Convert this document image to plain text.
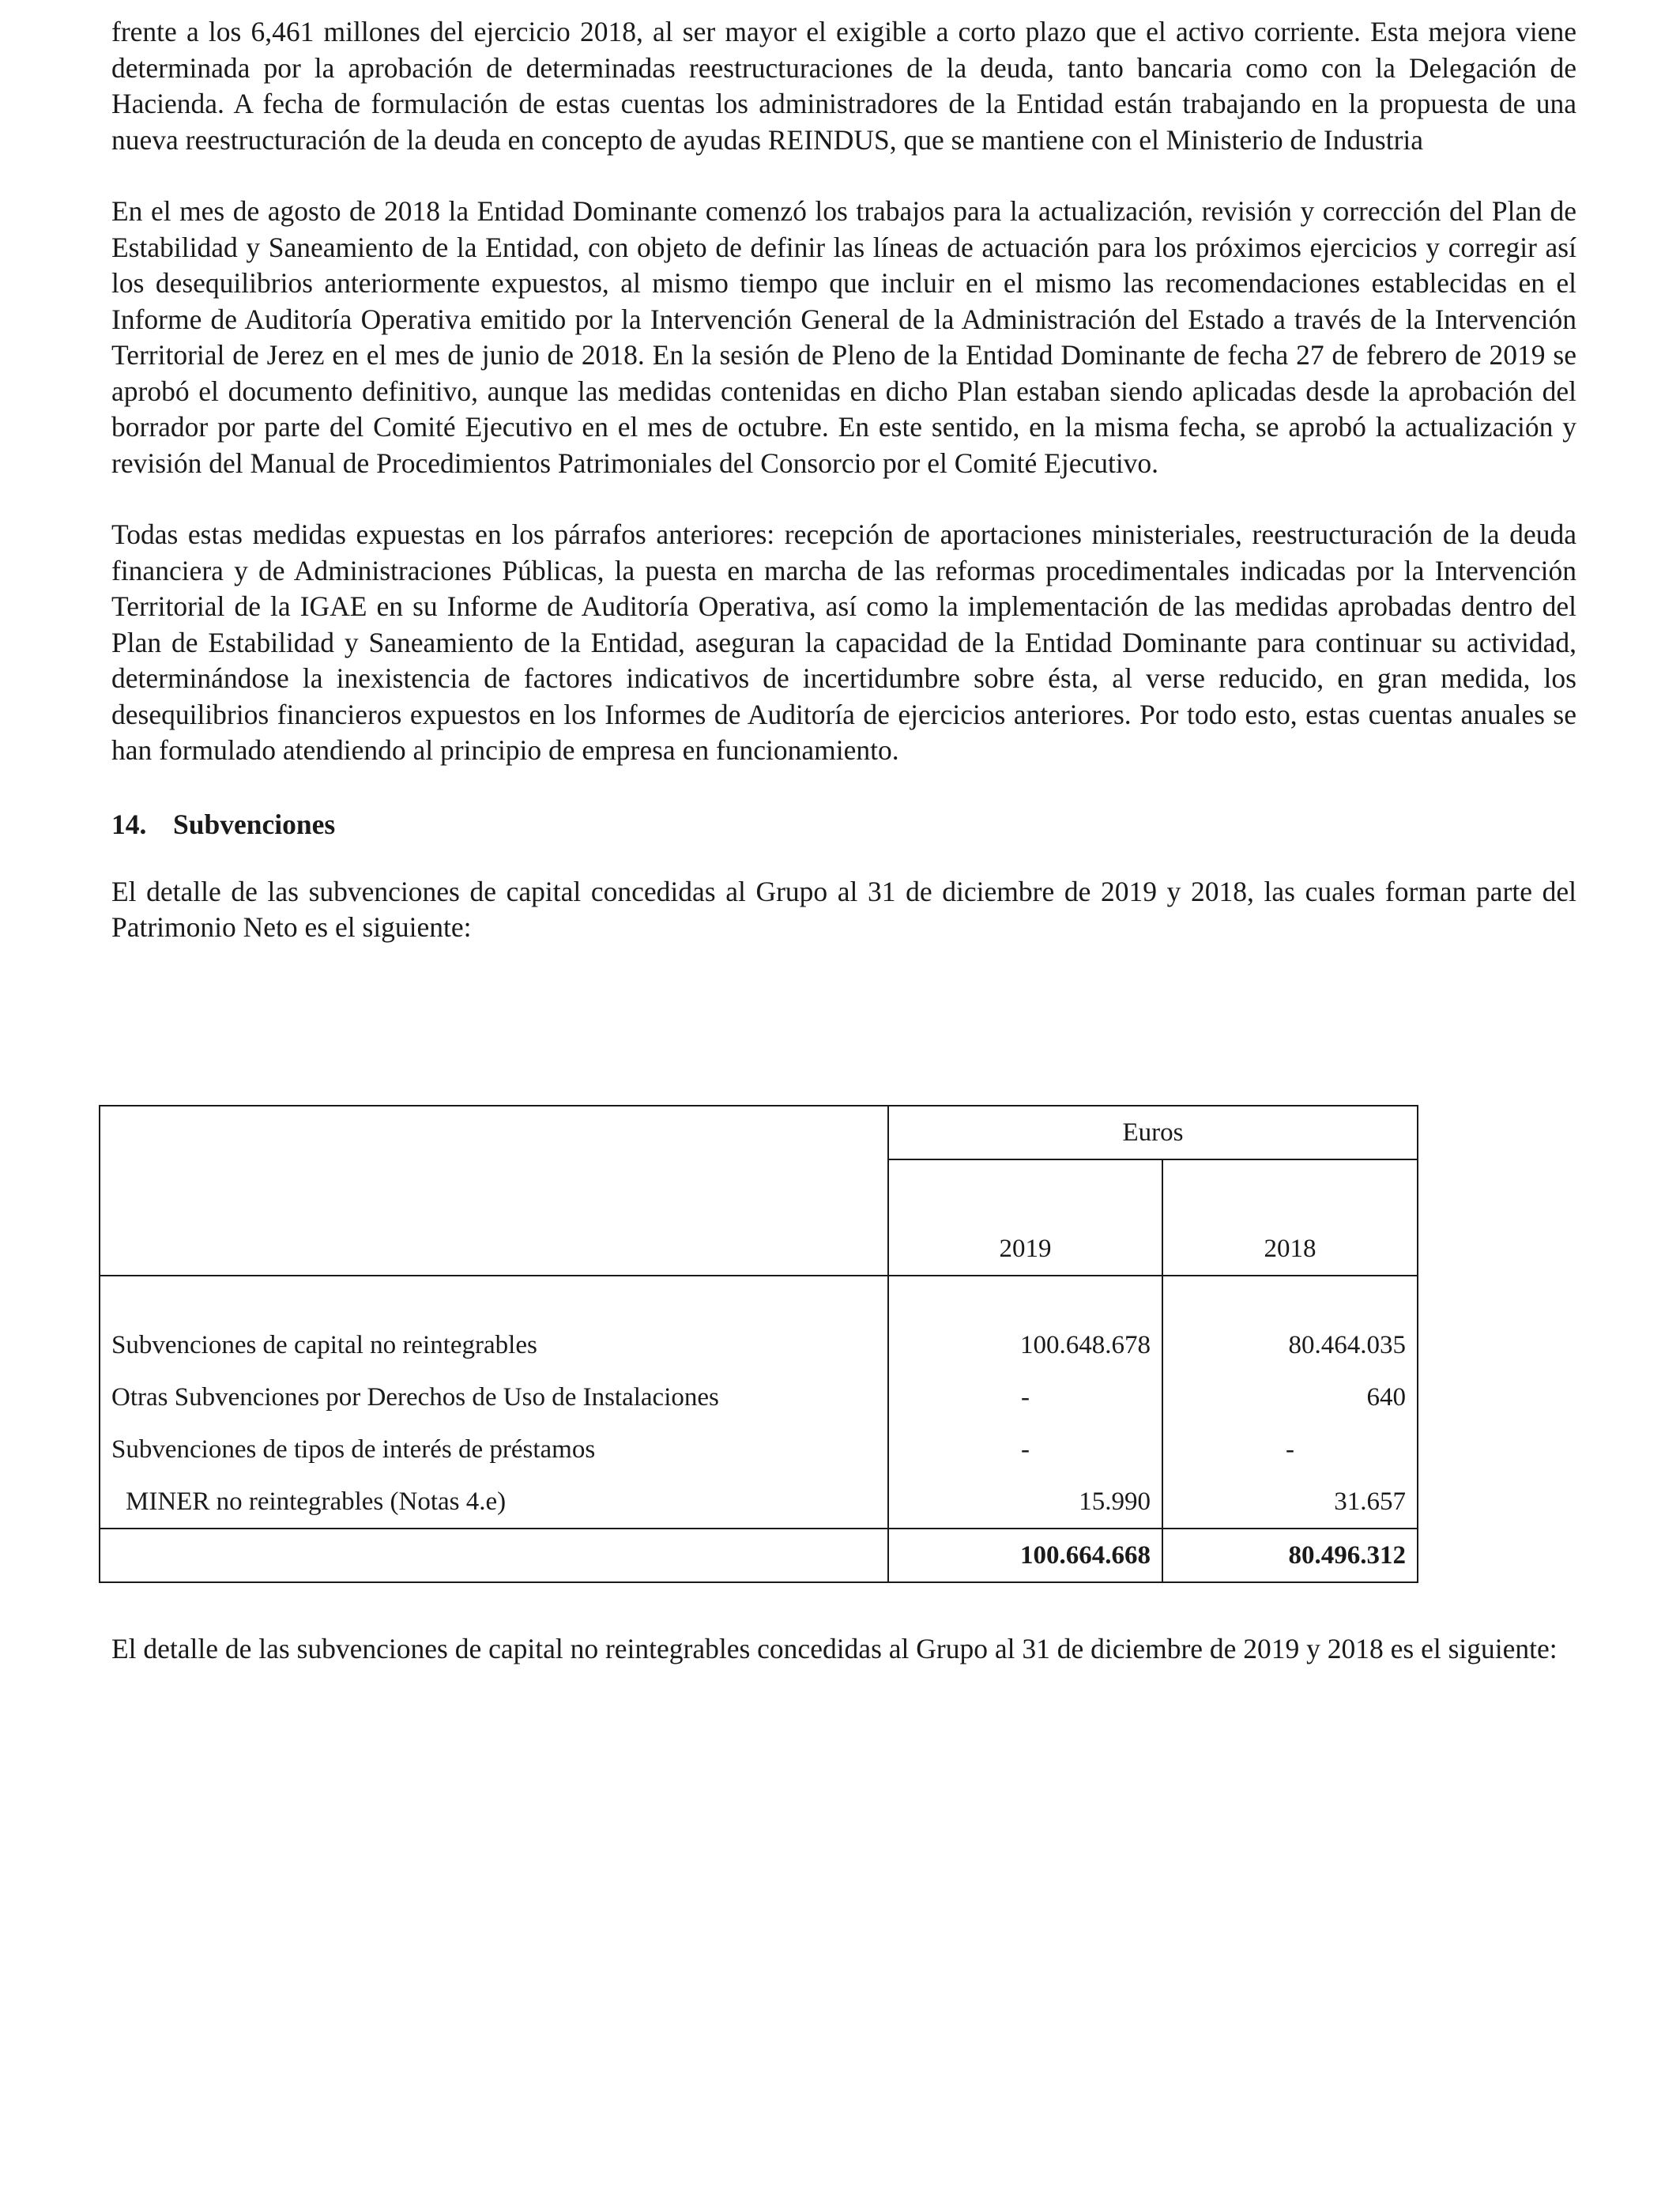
frente a los 6,461 millones del ejercicio 2018, al ser mayor el exigible a corto plazo que el activo corriente. Esta mejora viene determinada por la aprobación de determinadas reestructuraciones de la deuda, tanto bancaria como con la Delegación de Hacienda. A fecha de formulación de estas cuentas los administradores de la Entidad están trabajando en la propuesta de una nueva reestructuración de la deuda en concepto de ayudas REINDUS, que se mantiene con el Ministerio de Industria

En el mes de agosto de 2018 la Entidad Dominante comenzó los trabajos para la actualización, revisión y corrección del Plan de Estabilidad y Saneamiento de la Entidad, con objeto de definir las líneas de actuación para los próximos ejercicios y corregir así los desequilibrios anteriormente expuestos, al mismo tiempo que incluir en el mismo las recomendaciones establecidas en el Informe de Auditoría Operativa emitido por la Intervención General de la Administración del Estado a través de la Intervención Territorial de Jerez en el mes de junio de 2018. En la sesión de Pleno de la Entidad Dominante de fecha 27 de febrero de 2019 se aprobó el documento definitivo, aunque las medidas contenidas en dicho Plan estaban siendo aplicadas desde la aprobación del borrador por parte del Comité Ejecutivo en el mes de octubre. En este sentido, en la misma fecha, se aprobó la actualización y revisión del Manual de Procedimientos Patrimoniales del Consorcio por el Comité Ejecutivo.

Todas estas medidas expuestas en los párrafos anteriores: recepción de aportaciones ministeriales, reestructuración de la deuda financiera y de Administraciones Públicas, la puesta en marcha de las reformas procedimentales indicadas por la Intervención Territorial de la IGAE en su Informe de Auditoría Operativa, así como la implementación de las medidas aprobadas dentro del Plan de Estabilidad y Saneamiento de la Entidad, aseguran la capacidad de la Entidad Dominante para continuar su actividad, determinándose la inexistencia de factores indicativos de incertidumbre sobre ésta, al verse reducido, en gran medida, los desequilibrios financieros expuestos en los Informes de Auditoría de ejercicios anteriores. Por todo esto, estas cuentas anuales se han formulado atendiendo al principio de empresa en funcionamiento.

14. Subvenciones

El detalle de las subvenciones de capital concedidas al Grupo al 31 de diciembre de 2019 y 2018, las cuales forman parte del Patrimonio Neto es el siguiente:

	Euros	
	2019	2018

Subvenciones de capital no reintegrables	100.648.678	80.464.035
Otras Subvenciones por Derechos de Uso de Instalaciones	-	640
Subvenciones de tipos de interés de préstamos	-	-
MINER no reintegrables (Notas 4.e)	15.990	31.657
	100.664.668	80.496.312

El detalle de las subvenciones de capital no reintegrables concedidas al Grupo al 31 de diciembre de 2019 y 2018 es el siguiente:
